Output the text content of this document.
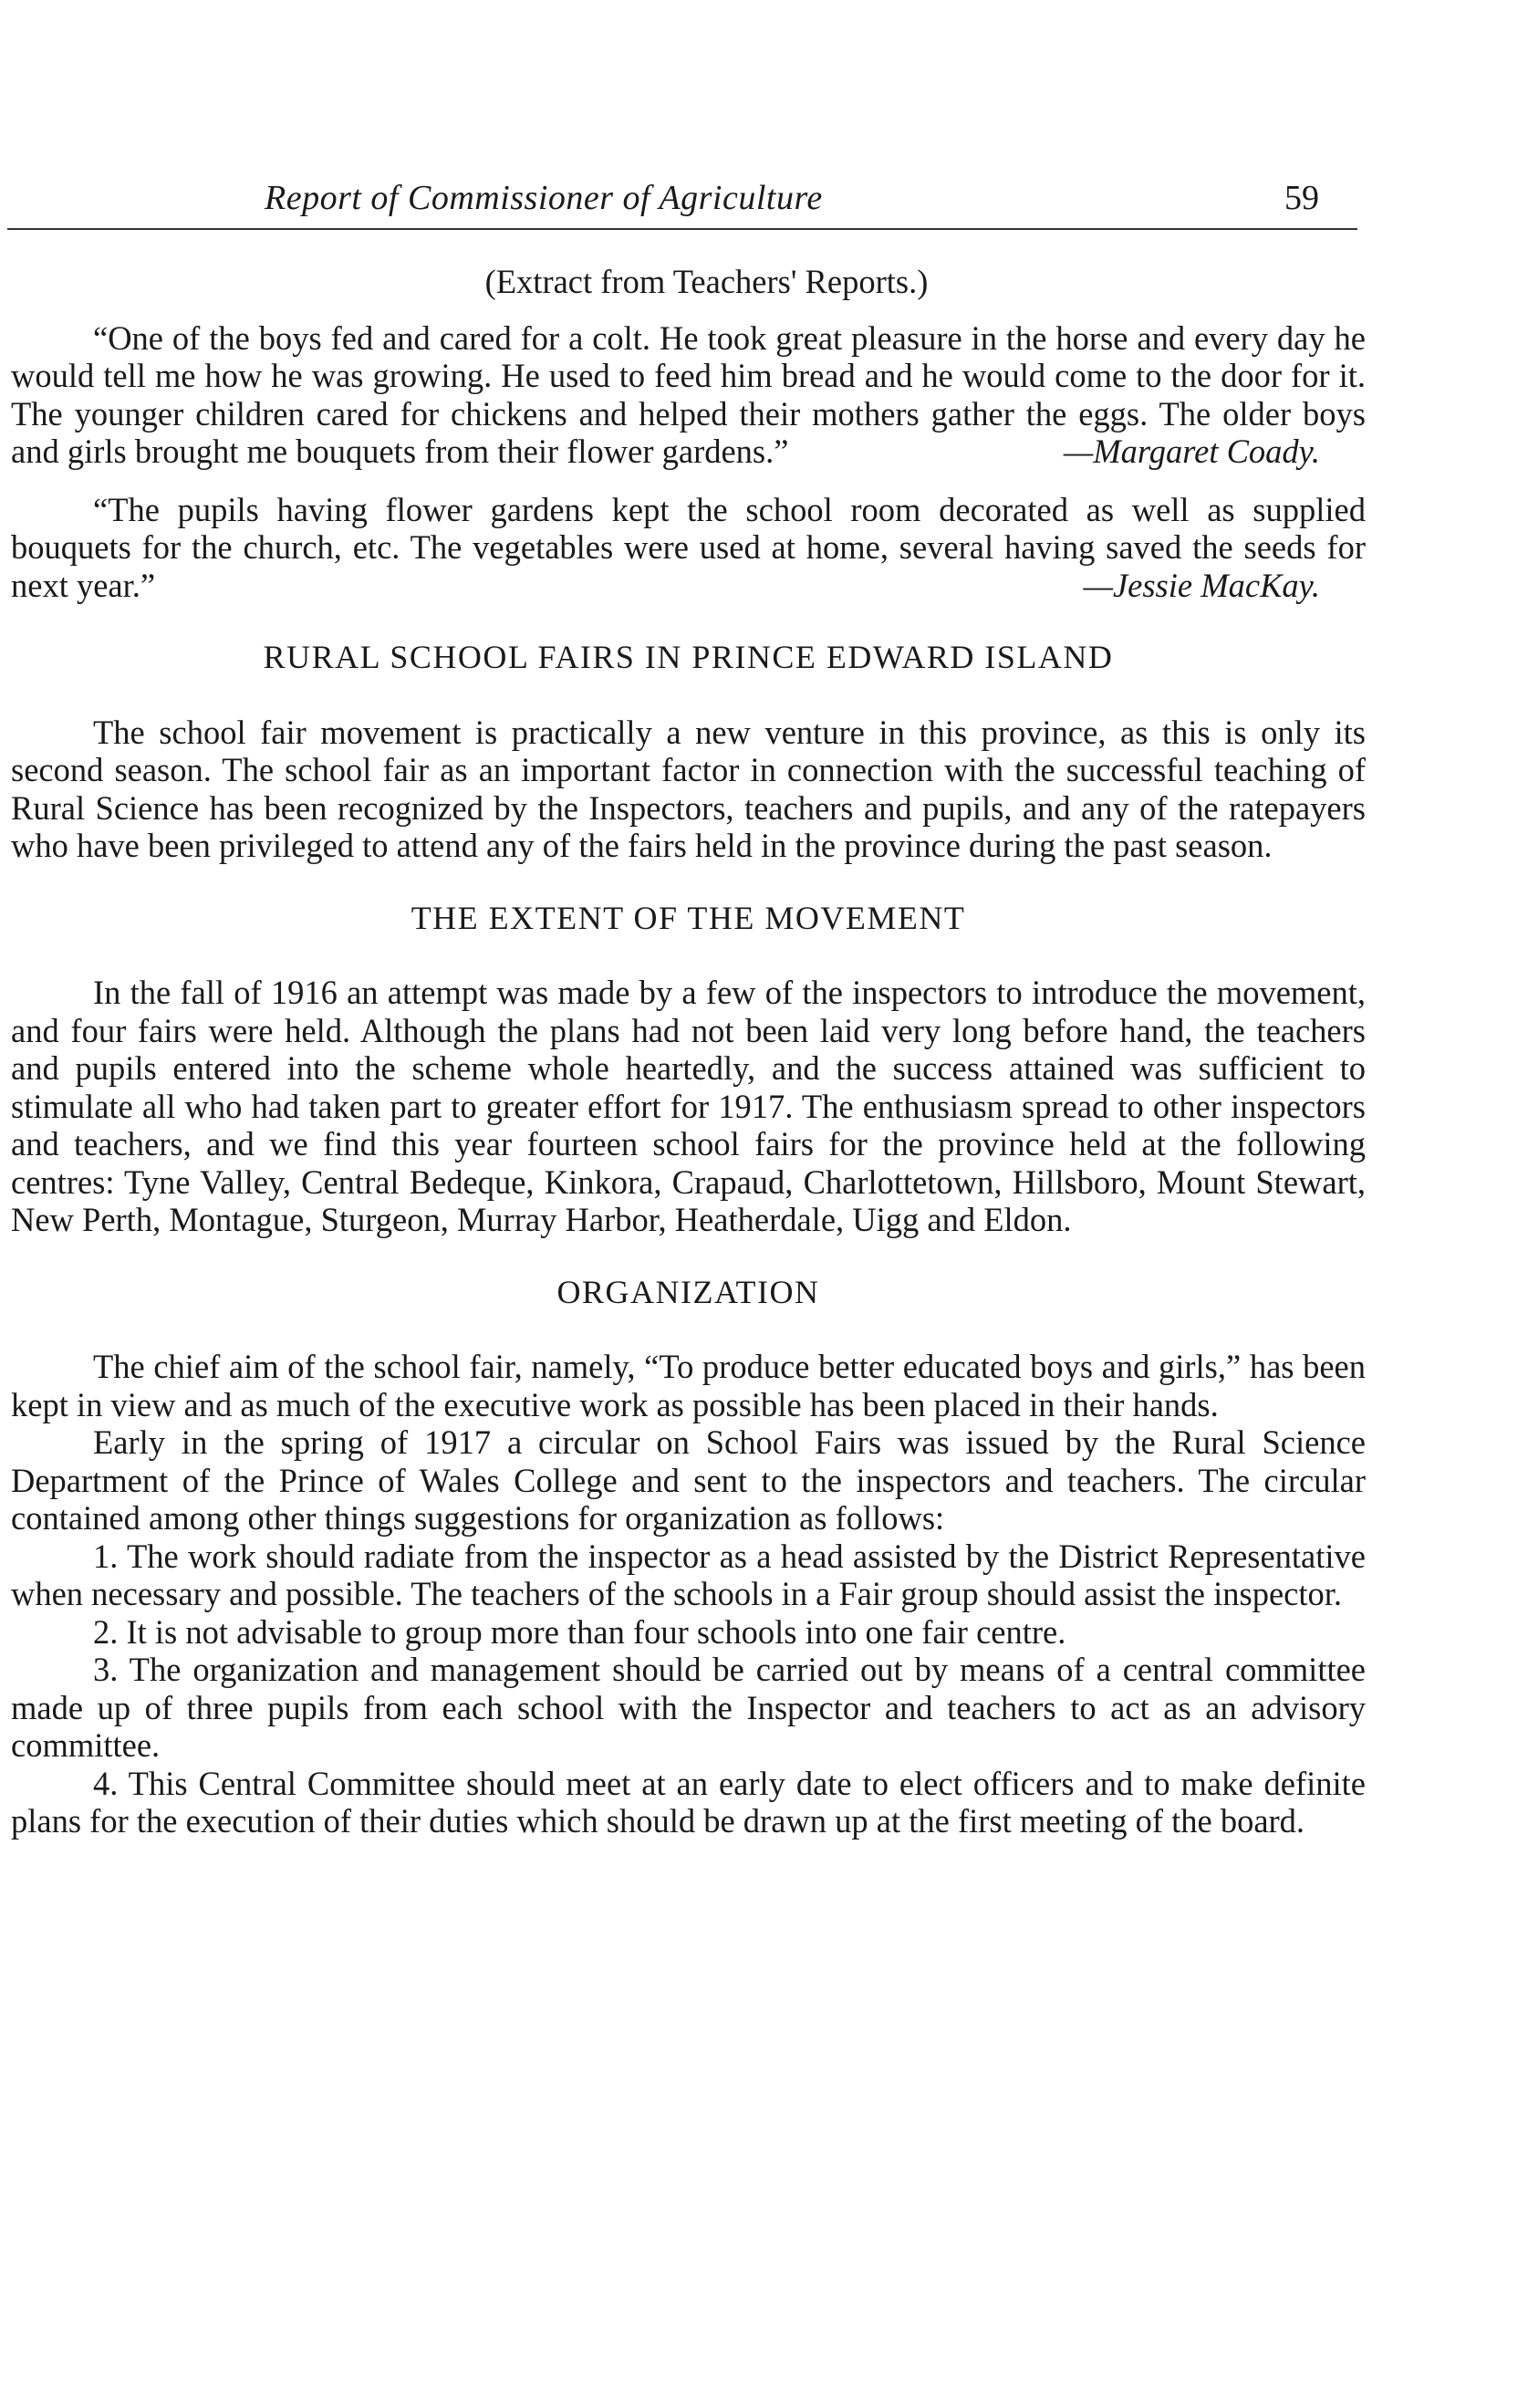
Report of Commissioner of Agriculture	59
(Extract from Teachers' Reports.)

“One of the boys fed and cared for a colt. He took great pleasure in the horse and every day he would tell me how he was growing. He used to feed him bread and he would come to the door for it. The younger children cared for chickens and helped their mothers gather the eggs. The older boys and girls brought me bouquets from their flower gardens.”	—Margaret Coady.

“The pupils having flower gardens kept the school room decorated as well as supplied bouquets for the church, etc. The vegetables were used at home, several having saved the seeds for next year.”	—Jessie MacKay.

RURAL SCHOOL FAIRS IN PRINCE EDWARD ISLAND

The school fair movement is practically a new venture in this province, as this is only its second season. The school fair as an important factor in connection with the successful teaching of Rural Science has been recognized by the Inspectors, teachers and pupils, and any of the ratepayers who have been privileged to attend any of the fairs held in the province during the past season.

THE EXTENT OF THE MOVEMENT

In the fall of 1916 an attempt was made by a few of the inspectors to introduce the movement, and four fairs were held. Although the plans had not been laid very long before hand, the teachers and pupils entered into the scheme whole heartedly, and the success attained was sufficient to stimulate all who had taken part to greater effort for 1917. The enthusiasm spread to other inspectors and teachers, and we find this year fourteen school fairs for the province held at the following centres: Tyne Valley, Central Bedeque, Kinkora, Crapaud, Charlottetown, Hillsboro, Mount Stewart, New Perth, Montague, Sturgeon, Murray Harbor, Heatherdale, Uigg and Eldon.

ORGANIZATION

The chief aim of the school fair, namely, “To produce better educated boys and girls,” has been kept in view and as much of the executive work as possible has been placed in their hands.

Early in the spring of 1917 a circular on School Fairs was issued by the Rural Science Department of the Prince of Wales College and sent to the inspectors and teachers. The circular contained among other things suggestions for organization as follows:

1. The work should radiate from the inspector as a head assisted by the District Representative when necessary and possible. The teachers of the schools in a Fair group should assist the inspector.

2. It is not advisable to group more than four schools into one fair centre.

3. The organization and management should be carried out by means of a central committee made up of three pupils from each school with the Inspector and teachers to act as an advisory committee.

4. This Central Committee should meet at an early date to elect officers and to make definite plans for the execution of their duties which should be drawn up at the first meeting of the board.
